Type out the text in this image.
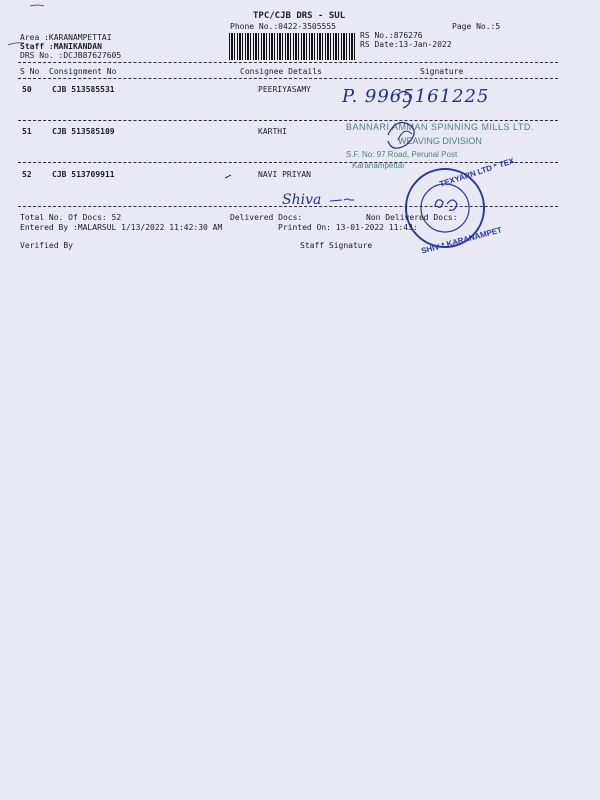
TPC/CJB DRS - SUL
Phone No.:0422-3505555	Page No.:5
Area :KARANAMPETTAI
Staff :MANIKANDAN
DRS No. :DCJB87627605
RS No.:876276
RS Date:13-Jan-2022
S No Consignment No	Consignee Details	Signature
50	CJB 513585531	PEERIYASAMY P. 9965161225
51	CJB 513585109	KARTHI	BANNARI AMMAN SPINNING MILLS LTD.
WEAVING DIVISION
S.F. No: 97 Road, Perunal Post
Karanampettai
52	CJB 513709911	NAVI PRIYAN
Shiva
TEXYARN LTD * TEX
SHIV * KARANAMPET
Total No. Of Docs: 52	Delivered Docs:	Non Delivered Docs:
Entered By :MALARSUL 1/13/2022 11:42:30 AM	Printed On: 13-01-2022 11:43:
Verified By	Staff Signature
